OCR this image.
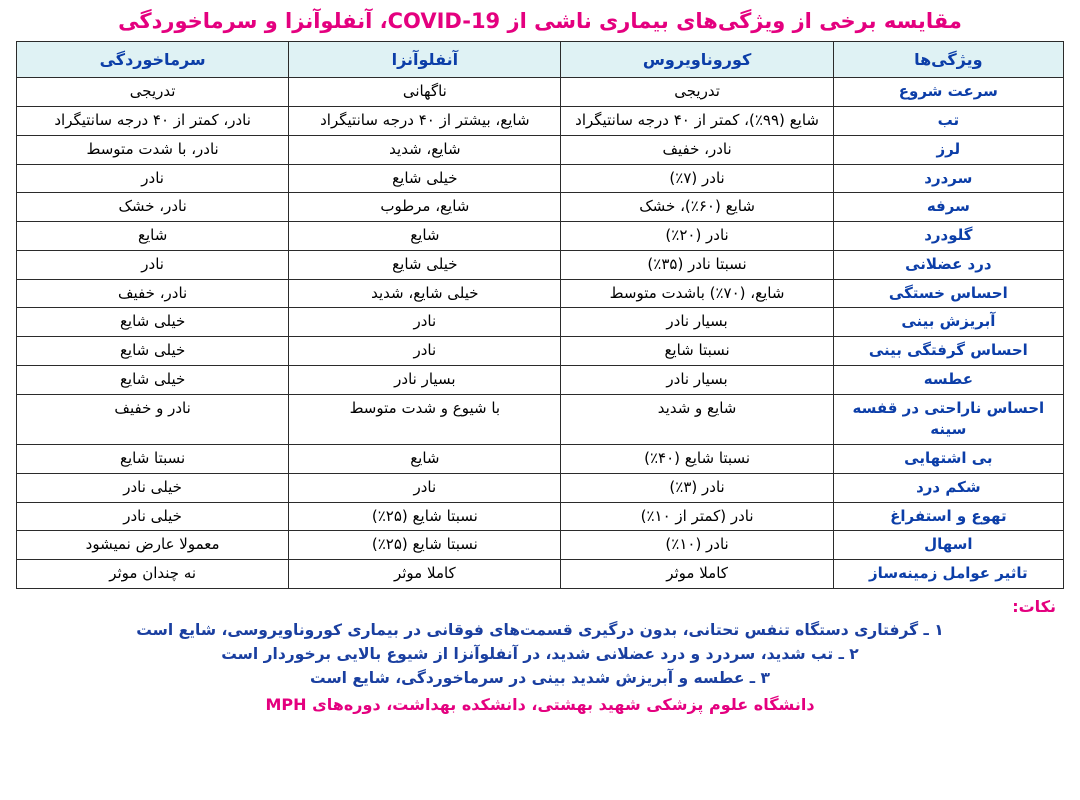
مقایسه برخی از ویژگی‌های بیماری ناشی از COVID-19، آنفلوآنزا و سرماخوردگی
ویژگی‌ها	کوروناویروس	آنفلوآنزا	سرماخوردگی
سرعت شروع	تدریجی	ناگهانی	تدریجی
تب	شایع (۹۹٪)، کمتر از ۴۰ درجه سانتیگراد	شایع، بیشتر از ۴۰ درجه سانتیگراد	نادر، کمتر از ۴۰ درجه سانتیگراد
لرز	نادر، خفیف	شایع، شدید	نادر، با شدت متوسط
سردرد	نادر (۷٪)	خیلی شایع	نادر
سرفه	شایع (۶۰٪)، خشک	شایع، مرطوب	نادر، خشک
گلودرد	نادر (۲۰٪)	شایع	شایع
درد عضلانی	نسبتا نادر (۳۵٪)	خیلی شایع	نادر
احساس خستگی	شایع، (۷۰٪) باشدت متوسط	خیلی شایع، شدید	نادر، خفیف
آبریزش بینی	بسیار نادر	نادر	خیلی شایع
احساس گرفتگی بینی	نسبتا شایع	نادر	خیلی شایع
عطسه	بسیار نادر	بسیار نادر	خیلی شایع
احساس ناراحتی در قفسه سینه	شایع و شدید	با شیوع و شدت متوسط	نادر و خفیف
بی اشتهایی	نسبتا شایع (۴۰٪)	شایع	نسبتا شایع
شکم درد	نادر (۳٪)	نادر	خیلی نادر
تهوع و استفراغ	نادر (کمتر از ۱۰٪)	نسبتا شایع (۲۵٪)	خیلی نادر
اسهال	نادر (۱۰٪)	نسبتا شایع (۲۵٪)	معمولا عارض نمیشود
تاثیر عوامل زمینه‌ساز	کاملا موثر	کاملا موثر	نه چندان موثر
نکات:
۱ ـ گرفتاری دستگاه تنفس تحتانی، بدون درگیری قسمت‌های فوقانی در بیماری کوروناویروسی، شایع است
۲ ـ تب شدید، سردرد و درد عضلانی شدید، در آنفلوآنزا از شیوع بالایی برخوردار است
۳ ـ عطسه و آبریزش شدید بینی در سرماخوردگی، شایع است
دانشگاه علوم پزشکی شهید بهشتی، دانشکده بهداشت، دوره‌های MPH
